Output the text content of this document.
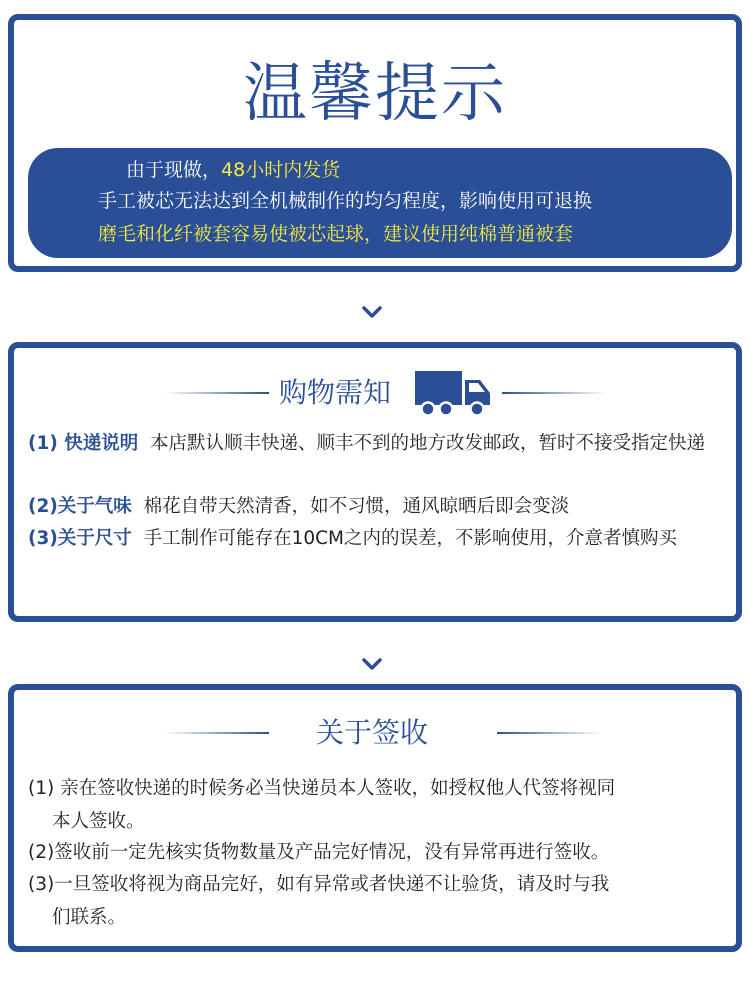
温馨提示
由于现做，48小时内发货
手工被芯无法达到全机械制作的均匀程度，影响使用可退换
磨毛和化纤被套容易使被芯起球，建议使用纯棉普通被套
购物需知
(1) 快递说明 本店默认顺丰快递、顺丰不到的地方改发邮政，暂时不接受指定快递
(2)关于气味 棉花自带天然清香，如不习惯，通风晾晒后即会变淡
(3)关于尺寸 手工制作可能存在10CM之内的误差，不影响使用，介意者慎购买
关于签收
(1) 亲在签收快递的时候务必当快递员本人签收，如授权他人代签将视同
本人签收。
(2)签收前一定先核实货物数量及产品完好情况，没有异常再进行签收。
(3)一旦签收将视为商品完好，如有异常或者快递不让验货，请及时与我
们联系。
